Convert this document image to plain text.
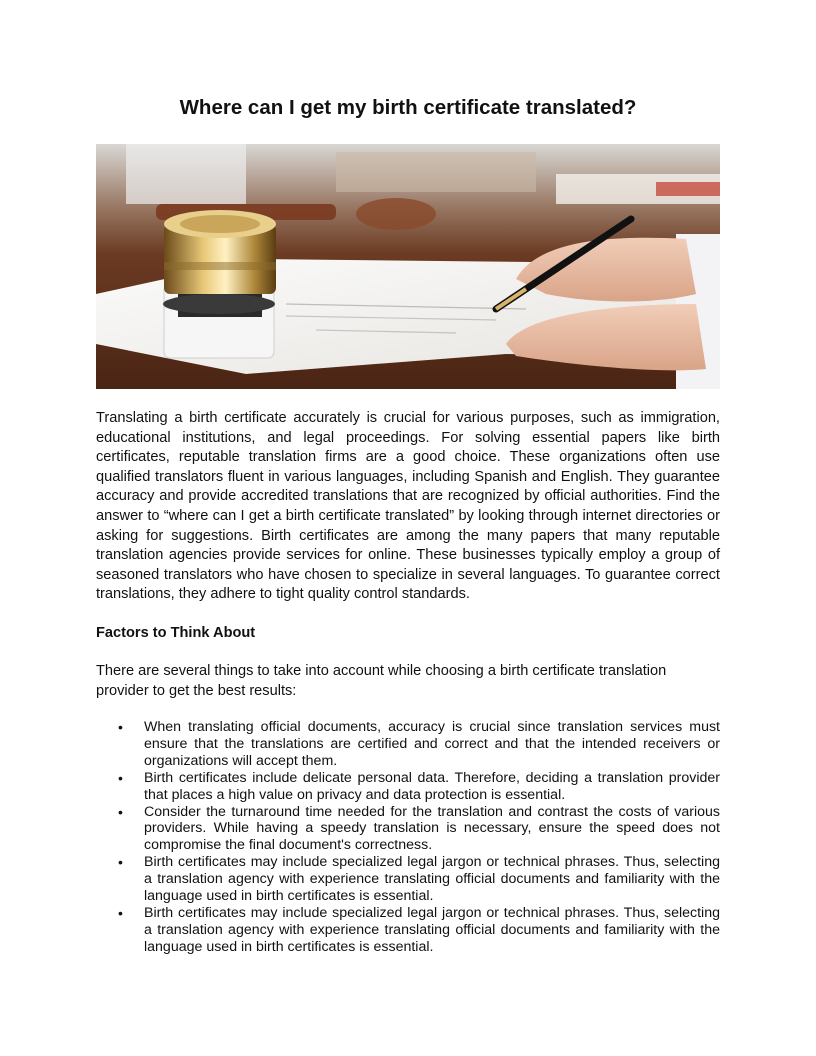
Where can I get my birth certificate translated?

Translating a birth certificate accurately is crucial for various purposes, such as immigration, educational institutions, and legal proceedings. For solving essential papers like birth certificates, reputable translation firms are a good choice. These organizations often use qualified translators fluent in various languages, including Spanish and English. They guarantee accuracy and provide accredited translations that are recognized by official authorities. Find the answer to “where can I get a birth certificate translated” by looking through internet directories or asking for suggestions. Birth certificates are among the many papers that many reputable translation agencies provide services for online. These businesses typically employ a group of seasoned translators who have chosen to specialize in several languages. To guarantee correct translations, they adhere to tight quality control standards.

Factors to Think About

There are several things to take into account while choosing a birth certificate translation provider to get the best results:

• When translating official documents, accuracy is crucial since translation services must ensure that the translations are certified and correct and that the intended receivers or organizations will accept them.
• Birth certificates include delicate personal data. Therefore, deciding a translation provider that places a high value on privacy and data protection is essential.
• Consider the turnaround time needed for the translation and contrast the costs of various providers. While having a speedy translation is necessary, ensure the speed does not compromise the final document's correctness.
• Birth certificates may include specialized legal jargon or technical phrases. Thus, selecting a translation agency with experience translating official documents and familiarity with the language used in birth certificates is essential.
• Birth certificates may include specialized legal jargon or technical phrases. Thus, selecting a translation agency with experience translating official documents and familiarity with the language used in birth certificates is essential.
